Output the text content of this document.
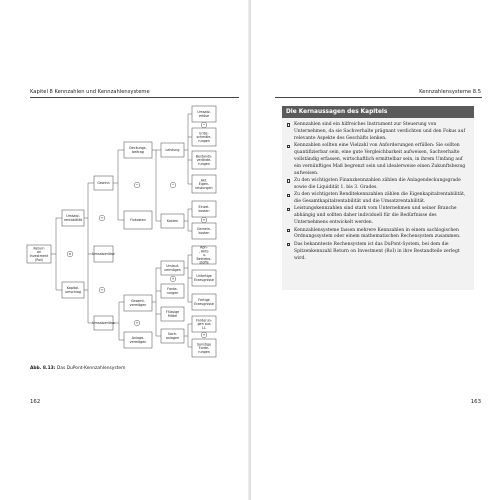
Kapitel 8 Kennzahlen und Kennzahlensysteme
×
÷
÷
−	−
−
+
+
+
+
Return on Investment (RoI)
Umsatz-rentabilität
Kapital-umschlag
Gewinn
Umsatzerlöse
Umsatzerlöse
Deckungs-beitrag
Fixkosten
Gesamt-vermögen
Anlage-vermögen
Leistung
Kosten
Umlauf-vermögen
Forde-rungen
Flüssige Mittel
Sach-anlagen
Umsatz-erlöse
Erlös-schmäle-rungen
Bestands-verände-rungen
Akt. Eigen-leistungen
Einzel-kosten
Gemein-kosten
Roh-, Hilfs- u. Betriebs-stoffe
Unfertige Erzeugnisse
Fertige Erzeugnisse
Forderun-gen aus LL
Sonstige Forde-rungen
Abb. 8.13: Das DuPont-Kennzahlensystem
162
Kennzahlensysteme 8.5
163
Die Kernaussagen des Kapitels
Kennzahlen sind ein hilfreiches Instrument zur Steuerung von Unternehmen, da sie Sachverhalte prägnant verdichten und den Fokus auf relevante Aspekte des Geschäfts lenken.
Kennzahlen sollten eine Vielzahl von Anforderungen erfüllen: Sie sollten quantifizierbar sein, eine gute Vergleichbarkeit aufweisen, Sachverhalte vollständig erfassen, wirtschaftlich ermittelbar sein, in ihrem Umfang auf ein vernünftiges Maß begrenzt sein und idealerweise einen Zukunftsbezug aufweisen.
Zu den wichtigsten Finanzkennzahlen zählen die Anlagendeckungsgrade sowie die Liquidität 1. bis 3. Grades.
Zu den wichtigsten Renditekennzahlen zählen die Eigenkapitalrentabilität, die Gesamtkapitalrentabilität und die Umsatzrentabilität.
Leistungskennzahlen sind stark vom Unternehmen und seiner Branche abhängig und sollten daher individuell für die Bedürfnisse des Unternehmens entwickelt werden.
Kennzahlensysteme fassen mehrere Kennzahlen in einem sachlogischen Ordnungssystem oder einem mathematischen Rechensystem zusammen.
Das bekannteste Rechensystem ist das DuPont-System, bei dem die Spitzenkennzahl Return on Investment (RoI) in ihre Bestandteile zerlegt wird.
